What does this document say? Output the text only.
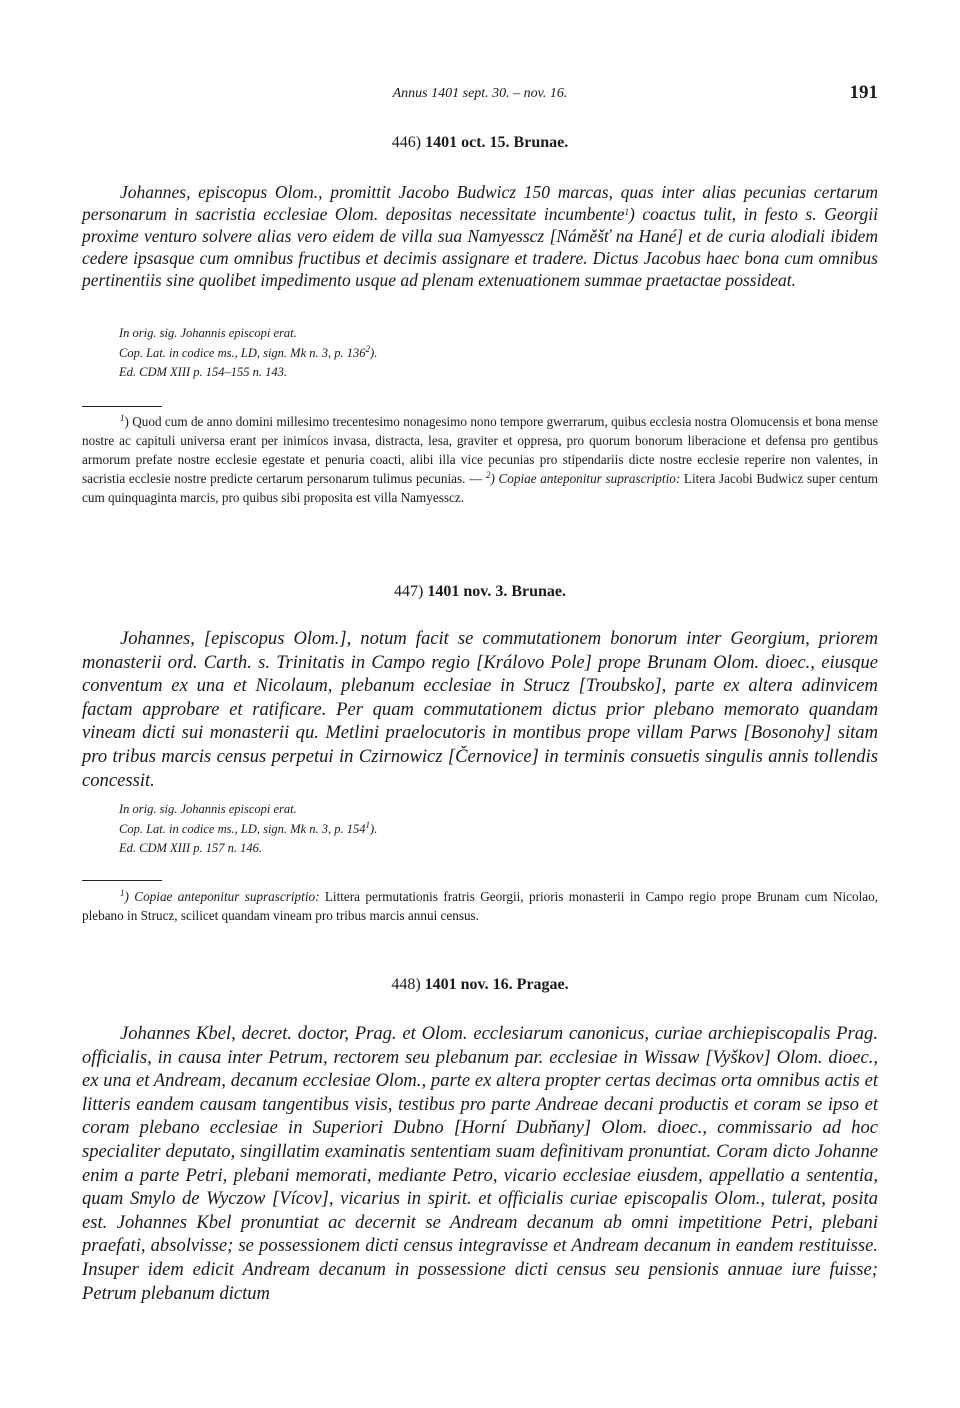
Annus 1401 sept. 30. – nov. 16.	191
446) 1401 oct. 15. Brunae.

Johannes, episcopus Olom., promittit Jacobo Budwicz 150 marcas, quas inter alias pecunias certarum personarum in sacristia ecclesiae Olom. depositas necessitate incumbente$^1$) coactus tulit, in festo s. Georgii proxime venturo solvere alias vero eidem de villa sua Namyesscz [Náměšť na Hané] et de curia alodiali ibidem cedere ipsasque cum omnibus fructibus et decimis assignare et tradere. Dictus Jacobus haec bona cum omnibus pertinentiis sine quolibet impedimento usque ad plenam extenuationem summae praetactae possideat.

In orig. sig. Johannis episcopi erat.
Cop. Lat. in codice ms., LD, sign. Mk n. 3, p. $136^2$).
Ed. CDM XIII p. 154–155 n. 143.

$^1$) Quod cum de anno domini millesimo trecentesimo nonagesimo nono tempore gwerrarum, quibus ecclesia nostra Olomucensis et bona mense nostre ac capituli universa erant per inimícos invasa, distracta, lesa, graviter et oppresa, pro quorum bonorum liberacione et defensa pro gentibus armorum prefate nostre ecclesie egestate et penuria coacti, alibi illa vice pecunias pro stipendariis dicte nostre ecclesie reperire non valentes, in sacristia ecclesie nostre predicte certarum personarum tulimus pecunias. — $^2$) Copiae anteponitur suprascriptio: Litera Jacobi Budwicz super centum cum quinquaginta marcis, pro quibus sibi proposita est villa Namyesscz.

447) 1401 nov. 3. Brunae.

Johannes, [episcopus Olom.], notum facit se commutationem bonorum inter Georgium, priorem monasterii ord. Carth. s. Trinitatis in Campo regio [Královo Pole] prope Brunam Olom. dioec., eiusque conventum ex una et Nicolaum, plebanum ecclesiae in Strucz [Troubsko], parte ex altera adinvicem factam approbare et ratificare. Per quam commutationem dictus prior plebano memorato quandam vineam dicti sui monasterii qu. Metlini praelocutoris in montibus prope villam Parws [Bosonohy] sitam pro tribus marcis census perpetui in Czirnowicz [Černovice] in terminis consuetis singulis annis tollendis concessit.

In orig. sig. Johannis episcopi erat.
Cop. Lat. in codice ms., LD, sign. Mk n. 3, p. $154^1$).
Ed. CDM XIII p. 157 n. 146.

$^1$) Copiae anteponitur suprascriptio: Littera permutationis fratris Georgii, prioris monasterii in Campo regio prope Brunam cum Nicolao, plebano in Strucz, scilicet quandam vineam pro tribus marcis annui census.

448) 1401 nov. 16. Pragae.

Johannes Kbel, decret. doctor, Prag. et Olom. ecclesiarum canonicus, curiae archiepiscopalis Prag. officialis, in causa inter Petrum, rectorem seu plebanum par. ecclesiae in Wissaw [Vyškov] Olom. dioec., ex una et Andream, decanum ecclesiae Olom., parte ex altera propter certas decimas orta omnibus actis et litteris eandem causam tangentibus visis, testibus pro parte Andreae decani productis et coram se ipso et coram plebano ecclesiae in Superiori Dubno [Horní Dubňany] Olom. dioec., commissario ad hoc specialiter deputato, singillatim examinatis sententiam suam definitivam pronuntiat. Coram dicto Johanne enim a parte Petri, plebani memorati, mediante Petro, vicario ecclesiae eiusdem, appellatio a sententia, quam Smylo de Wyczow [Vícov], vicarius in spirit. et officialis curiae episcopalis Olom., tulerat, posita est. Johannes Kbel pronuntiat ac decernit se Andream decanum ab omni impetitione Petri, plebani praefati, absolvisse; se possessionem dicti census integravisse et Andream decanum in eandem restituisse. Insuper idem edicit Andream decanum in possessione dicti census seu pensionis annuae iure fuisse; Petrum plebanum dictum
